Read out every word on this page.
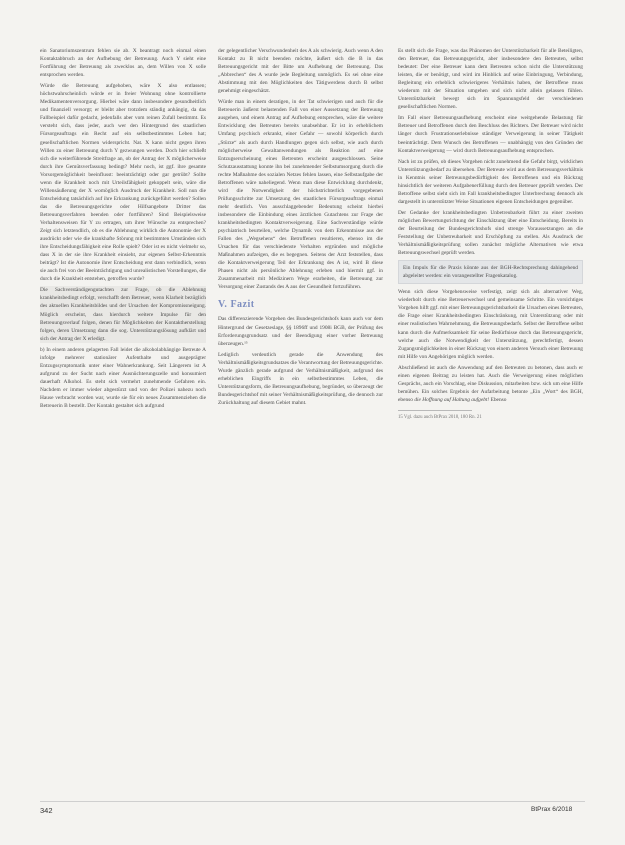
ein Sanatoriumszentrum fehlen sie ab. X beantragt noch einmal einen Kontaktabbruch an der Aufhebung der Betreuung. Auch Y sieht eine Fortführung der Betreuung als zwecklos an, dem Willen von X solle entsprochen werden.

Würde die Betreuung aufgehoben, wäre X also entlassen; höchstwahrscheinlich würde er in freier Wohnung ohne kontrollierte Medikamentenversorgung. Hierbei wäre dann insbesondere gesundheitlich und finanziell versorgt; er bleibt aber trotzdem ständig anhängig, da das Fallbeispiel dafür gedacht, jedenfalls aber vom reinen Zufall bestimmt. Es versteht sich, dass jeder, auch wer den Hintergrund des staatlichen Fürsorgeauftrags ein Recht auf ein selbstbestimmtes Leben hat; gesellschaftlichen Normen widerspricht. Nat. X kann nicht gegen ihren Willen zu einer Betreuung durch Y gezwungen werden. Doch hier schließt sich die weiterführende Streitfrage an, ob der Antrag der X möglicherweise durch ihre Gemütsverfassung bedingt? Mehr noch, ist ggf. ihre gesamte Vorsorgemöglichkeit beeinflusst: beeinträchtigt oder gar getrübt? Sollte wenn die Krankheit noch mit Urteilsfähigkeit gekoppelt sein, wäre die Willensäußerung der X womöglich Ausdruck der Krankheit. Soll nun die Entscheidung tatsächlich auf ihre Erkrankung zurückgeführt werden? Sollen das die Betreuungsgerichte oder Hilfsangebote Dritter das Betreuungsverfahren beenden oder fortführen? Sind Beispielsweise Verhaltensweisen für Y zu ertragen, um ihrer Wünsche zu entsprechen? Zeigt sich letztendlich, ob es die Ablehnung wirklich die Autonomie der X ausdrückt oder wie die krankhafte Störung mit bestimmten Umständen sich ihre Entscheidungsfähigkeit eine Rolle spielt? Oder ist es nicht vielmehr so, dass X in der sie ihre Krankheit einsieht, zur eigenen Selbst-Erkenntnis beiträgt? Ist die Autonomie ihrer Entscheidung erst dann verbindlich, wenn sie auch frei von der Beeinträchtigung und unrealistischen Vorstellungen, die durch die Krankheit entstehen, getroffen wurde?

Die Sachverständigengutachten zur Frage, ob die Ablehnung krankheitsbedingt erfolgt, verschafft dem Betreuer, wenn Klarheit bezüglich des aktuellen Krankheitsbildes und der Ursachen der Kompromissneigung. Möglich erscheint, dass hierdurch weitere Impulse für den Betreuungsverlauf folgen, denen für Möglichkeiten der Kontaktherstellung folgen, deren Umsetzung dann die sog. Unterstützungslösung aufklärt und sich der Antrag der X erledigt.

b) In einem anderen gelagerten Fall leidet die alkoholabhängige Betreute A infolge mehrerer stationärer Aufenthalte und ausgeprägter Entzugssymptomatik unter einer Wahnerkrankung. Seit Längerem ist A aufgrund zu der Sucht nach einer Ausnüchterungszelle und konsumiert dauerhaft Alkohol. Es steht sich vermehrt zunehmende Gefahren ein. Nachdem er immer wieder abgestürzt und von der Polizei nahezu noch Hause verbracht worden war, wurde sie für ein neues Zusammenziehen die Betreuerin B bestellt. Der Kontakt gestaltet sich aufgrund

der gelegentlicher Verschwundenheit des A als schwierig. Auch wenn A den Kontakt zu B nicht beenden möchte, äußert sich die B in das Betreuungsgericht mit der Bitte um Aufhebung der Betreuung. Das „Abbrechen“ des A wurde jede Begleitung unmöglich. Es sei ohne eine Abstimmung mit den Möglichkeiten des Tätigwerdens durch B selbst genehmigt eingeschätzt.

Würde man in einem deratigen, in der Tat schwierigen und auch für die Betreuerin äußerst belastenden Fall von einer Aussetzung der Betreuung ausgehen, und einem Antrag auf Aufhebung entsprechen, wäre die weitere Entwicklung des Betreuten bereits unabsehbar. Er ist in erheblichem Umfang psychisch erkrankt, einer Gefahr — sowohl körperlich durch „Stürze“ als auch durch Handlungen gegen sich selbst, wie auch durch möglicherweise Gewaltanwendungen als Reaktion auf eine Entzugserscheinung eines Betreuten erscheint ausgeschlossen. Seine Schutzausstattung konnte ihn bei zunehmender Selbstumsorgung durch die rechte Maßnahme des sozialen Netzes fehlen lassen, eine Selbstaufgabe der Betroffenen wäre naheliegend. Wenn man diese Entwicklung durchdenkt, wird die Notwendigkeit der höchstrichterlich vorgegebenen Prüfungsschritte zur Umsetzung des staatlichen Fürsorgeauftrags einmal mehr deutlich. Von ausschlaggebender Bedeutung scheint hierbei insbesondere die Einbindung eines ärztlichen Gutachtens zur Frage der krankheitsbedingten Kontaktverweigerung. Eine Sachverständige würde psychiatrisch beurteilen, welche Dynamik von dem Erkenntnisse aus der Fallen des „Wegsehens“ des Betroffenen resultieren, ebenso im die Ursachen für das verschiedenste Verhalten ergründen und mögliche Maßnahmen aufzeigen, die es begegnen. Seitens der Arzt feststellen, dass die Kontaktverweigerung Teil der Erkrankung des A ist, wird B diese Phasen nicht als persönliche Ablehnung erleben und hiermit ggf. in Zusammenarbeit mit Medizinern Wege erarbeiten, die Betreuung zur Versorgung einer Zustands des A aus der Gesundheit fortzuführen.

V. Fazit

Das differenzierende Vorgehen des Bundesgerichtshofs kann auch vor dem Hintergrund der Gesetzeslage, §§ 1896ff und 1908i BGB, der Prüfung des Erforderungsgrundsatz und der Beendigung einer vorher Betreuung überzeugen.¹⁵

Lediglich verdeutlich gerade die Anwendung des Verhältnismäßigkeitsgrundsatzes die Verantwortung der Betreuungsgerichte. Wurde gänzlich gerade aufgrund der Verhältnismäßigkeit, aufgrund des erheblichen Eingriffs in ein selbstbestimmtes Leben, die Unterstützungsform, die Betreuungsaufhebung, begründet, so überzeugt der Bundesgerichtshof mit seiner Verhältnismäßigkeitsprüfung, die dennoch zur Zurückhaltung auf diesem Gebiet mahnt.

Es stellt sich die Frage, was das Phänomen der Unterstützbarkeit für alle Beteiligten, den Betreuer, das Betreuungsgericht, aber insbesondere den Betreuten, selbst bedeutet: Der eine Betreuer kann dem Betreuten schon nicht die Unterstützung leisten, die er benötigt, und wird im Hinblick auf seine Einbringung, Verbindung, Begleitung ein erheblich schwierigeres Verhältnis haben, der Betroffene muss wiederum mit der Situation umgehen und sich nicht allein gelassen fühlen. Unterstützbarkeit bewegt sich im Spannungsfeld der verschiedenen gesellschaftlichen Normen.

Im Fall einer Betreuungsaufhebung erscheint eine weitgehende Belastung für Betreuer und Betroffenen durch den Beschluss des Richters. Der Betreuer wird nicht länger durch Frustrationserlebnisse ständiger Verweigerung in seiner Tätigkeit beeinträchtigt. Dem Wunsch des Betroffenen — unabhängig von den Gründen der Kontaktverweigerung — wird durch Betreuungsaufhebung entsprochen.

Nach ist zu prüfen, ob dieses Vorgehen nicht zunehmend die Gefahr birgt, wirklichen Unterstützungsbedarf zu übersehen. Der Betreute wird aus dem Betreuungsverhältnis in Kenntnis seiner Betreuungsbedürftigkeit des Betroffenen und ein Rückzug hinsichtlich der weiteren Aufgabenerfüllung durch den Betreuer geprüft werden. Der Betroffene selbst sieht sich im Fall krankheitsbedingter Unterbrechung dennoch als dargestellt in unterstützter Weise Situationen eigenen Entscheidungen gegenüber.

Der Gedanke der krankheitsbedingten Unbetreubarkeit führt zu einer zweiten möglichen Bewertungsrichtung der Einschätzung über eine Entscheidung. Bereits in der Beurteilung der Bundesgerichtshofs sind strenge Voraussetzungen an die Feststellung der Unbetreubarkeit und Erschöpfung zu stellen. Als Ausdruck der Verhältnismäßigkeitsprüfung sollen zunächst mögliche Alternativen wie etwa Betreuungswechsel geprüft werden.

Ein Impuls für die Praxis könnte aus der BGH-Rechtsprechung dahingehend abgeleitet werden: ein vorangestellter Fragenkatalog.

Wenn sich diese Vorgehensweise verfestigt, zeigt sich als alternativer Weg, wiederholt durch eine Betreuerwechsel und gemeinsame Schritte. Ein vorsichtiges Vorgehen hilft ggf. mit einer Betreuungsgerichtsbarkeit die Ursachen eines Betreuten, die Frage einer Krankheitsbedingten Einschränkung, mit Unterstützung oder mit einer realistischen Wahrnehmung, die Betreuungsbedarfs. Selbst der Betroffene selbst kann durch die Aufmerksamkeit für seine Bedürfnisse durch das Betreuungsgericht, welche auch die Notwendigkeit der Unterstützung, gerechtfertigt, dessen Zugangsmöglichkeiten in einer Rückzug von einem anderen Versuch einer Betreuung mit Hilfe von Angehörigen möglich werden.

Abschließend ist auch die Anwendung auf den Betreuten zu betonen, dass auch er einen eigenen Beitrag zu leisten hat. Auch die Verweigerung eines möglichen Gesprächs, auch ein Vorschlag, eine Diskussion, mitarbeiten bzw. sich um eine Hilfe bemühen. Ein solches Ergebnis der Aufarbeitung betonte „Ein „Wort“ des BGH, ebenso die Hoffnung auf Haltung aufgebt! Ebenso

15 Vgl. dazu auch BtPrax 2018, 180 Rn. 21
342	BtPrax 6/2018
